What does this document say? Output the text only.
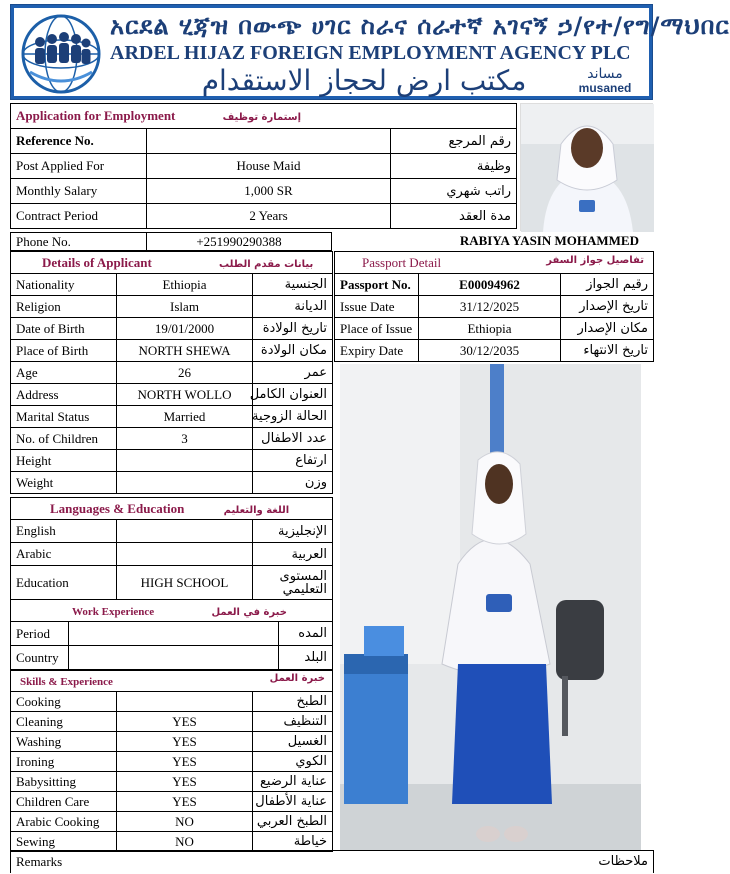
አርደል ሂጃዝ በውጭ ሀገር ስራና ሰራተኛ አገናኝ ኃ/የተ/የግ/ማህበር
ARDEL HIJAZ FOREIGN EMPLOYMENT AGENCY PLC
مكتب ارض لحجاز الاستقدام	مساند
musaned
Application for Employment إستمارة توظيف		
Reference No.		رقم المرجع
Post Applied For	House Maid	وظيفة
Monthly Salary	1,000 SR	راتب شهري
Contract Period	2 Years	مدة العقد
Phone No.	+251990290388	RABIYA YASIN MOHAMMED
Details of Applicant بيانات مقدم الطلب		
Nationality	Ethiopia	الجنسية
Religion	Islam	الديانة
Date of Birth	19/01/2000	تاريخ الولادة
Place of Birth	NORTH SHEWA	مكان الولادة
Age	26	عمر
Address	NORTH WOLLO	العنوان الكامل
Marital Status	Married	الحالة الزوجية
No. of Children	3	عدد الاطفال
Height		ارتفاع
Weight		وزن
Languages & Education اللغة والتعليم		
English		الإنجليزية
Arabic		العربية
Education	HIGH SCHOOL	المستوى التعليمي
Work Experience خبرة في العمل		
Period		المده
Country		البلد
Skills & Experience خبرة العمل		

Cooking		الطبخ
Cleaning	YES	التنظيف
Washing	YES	الغسيل
Ironing	YES	الكوي
Babysitting	YES	عناية الرضيع
Children Care	YES	عناية الأطفال
Arabic Cooking	NO	الطبخ العربي
Sewing	NO	خياطة
Passport Detail تفاصيل جواز السفر		

Passport No.	E00094962	رقيم الجواز
Issue Date	31/12/2025	تاريخ الإصدار
Place of Issue	Ethiopia	مكان الإصدار
Expiry Date	30/12/2035	تاريخ الانتهاء
Remarks	ملاحظات
